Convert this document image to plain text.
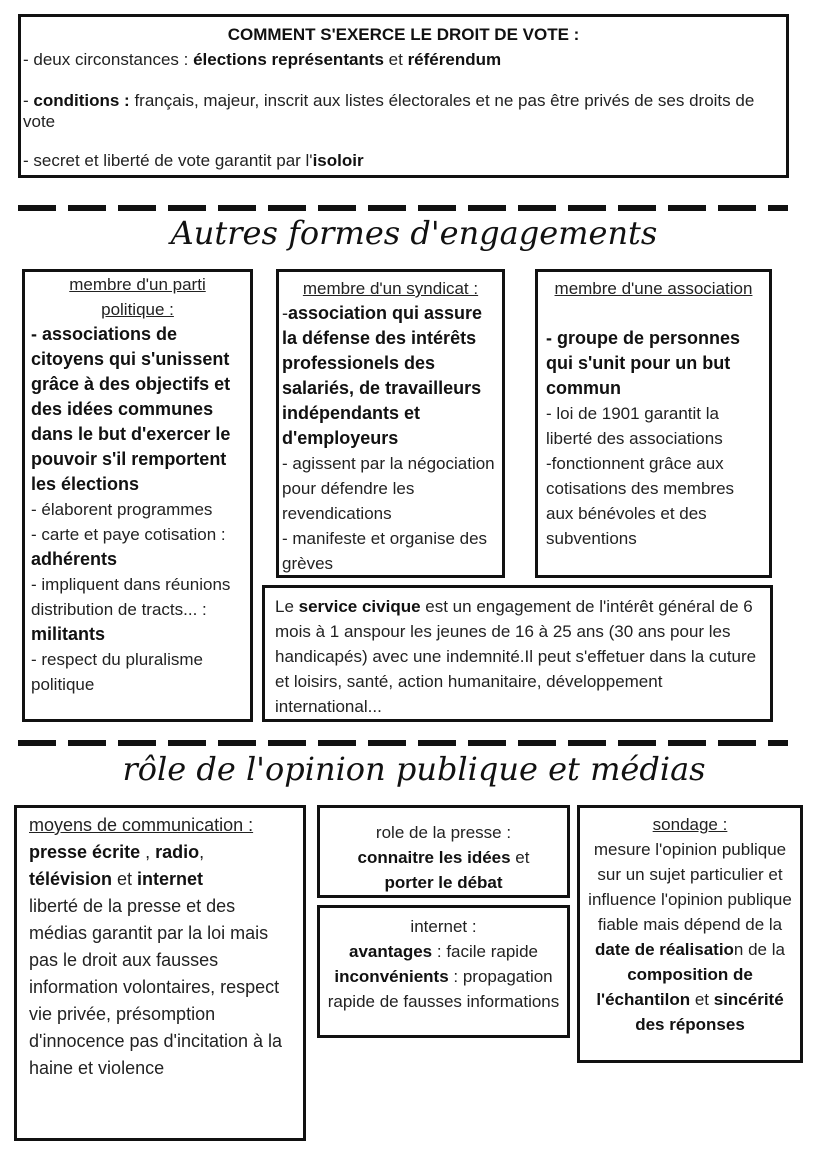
COMMENT S'EXERCE LE DROIT DE VOTE :
- deux circonstances : élections représentants et référendum
- conditions : français, majeur, inscrit aux listes électorales et ne pas être privés de ses droits de vote
- secret et liberté de vote garantit par l'isoloir
Autres formes d'engagements
membre d'un parti politique :
- associations de citoyens qui s'unissent grâce à des objectifs et des idées communes dans le but d'exercer le pouvoir s'il remportent les élections
- élaborent programmes
- carte et paye cotisation :
adhérents
- impliquent dans réunions distribution de tracts... :
militants
- respect du pluralisme politique
membre d'un syndicat :
-association qui assure la défense des intérêts professionels des salariés, de travailleurs indépendants et d'employeurs
- agissent par la négociation pour défendre les revendications
- manifeste et organise des grèves
membre d'une association
- groupe de personnes qui s'unit pour un but commun
- loi de 1901 garantit la liberté des associations
-fonctionnent grâce aux cotisations des membres aux bénévoles et des subventions
Le service civique est un engagement de l'intérêt général de 6 mois à 1 anspour les jeunes de 16 à 25 ans (30 ans pour les handicapés) avec une indemnité.Il peut s'effetuer dans la cuture et loisirs, santé, action humanitaire, développement international...
rôle de l'opinion publique et médias
moyens de communication :
presse écrite , radio,
télévision et internet
liberté de la presse et des médias garantit par la loi mais pas le droit aux fausses information volontaires, respect vie privée, présomption d'innocence pas d'incitation à la haine et violence
role de la presse :
connaitre les idées et
porter le débat
internet :
avantages : facile rapide
inconvénients : propagation rapide de fausses informations
sondage :
mesure l'opinion publique sur un sujet particulier et influence l'opinion publique
fiable mais dépend de la
date de réalisation de la composition de l'échantilon et sincérité des réponses
